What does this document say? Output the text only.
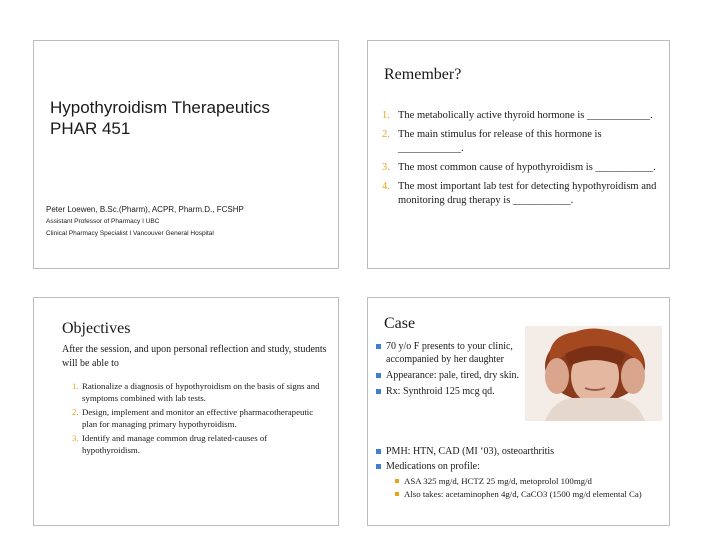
Hypothyroidism Therapeutics
PHAR 451
Peter Loewen, B.Sc.(Pharm), ACPR, Pharm.D., FCSHP
Assistant Professor of Pharmacy I UBC
Clinical Pharmacy Specialist I Vancouver General Hospital
Remember?
1. The metabolically active thyroid hormone is ____________.
2. The main stimulus for release of this hormone is ____________.
3. The most common cause of hypothyroidism is ___________.
4. The most important lab test for detecting hypothyroidism and monitoring drug therapy is ___________.
Objectives
After the session, and upon personal reflection and study, students will be able to
1. Rationalize a diagnosis of hypothyroidism on the basis of signs and symptoms combined with lab tests.
2. Design, implement and monitor an effective pharmacotherapeutic plan for managing primary hypothyroidism.
3. Identify and manage common drug related-causes of hypothyroidism.
Case
70 y/o F presents to your clinic, accompanied by her daughter
Appearance: pale, tired, dry skin.
Rx: Synthroid 125 mcg qd.
PMH: HTN, CAD (MI ‘03), osteoarthritis
Medications on profile:
ASA 325 mg/d, HCTZ 25 mg/d, metoprolol 100mg/d
Also takes: acetaminophen 4g/d, CaCO3 (1500 mg/d elemental Ca)
